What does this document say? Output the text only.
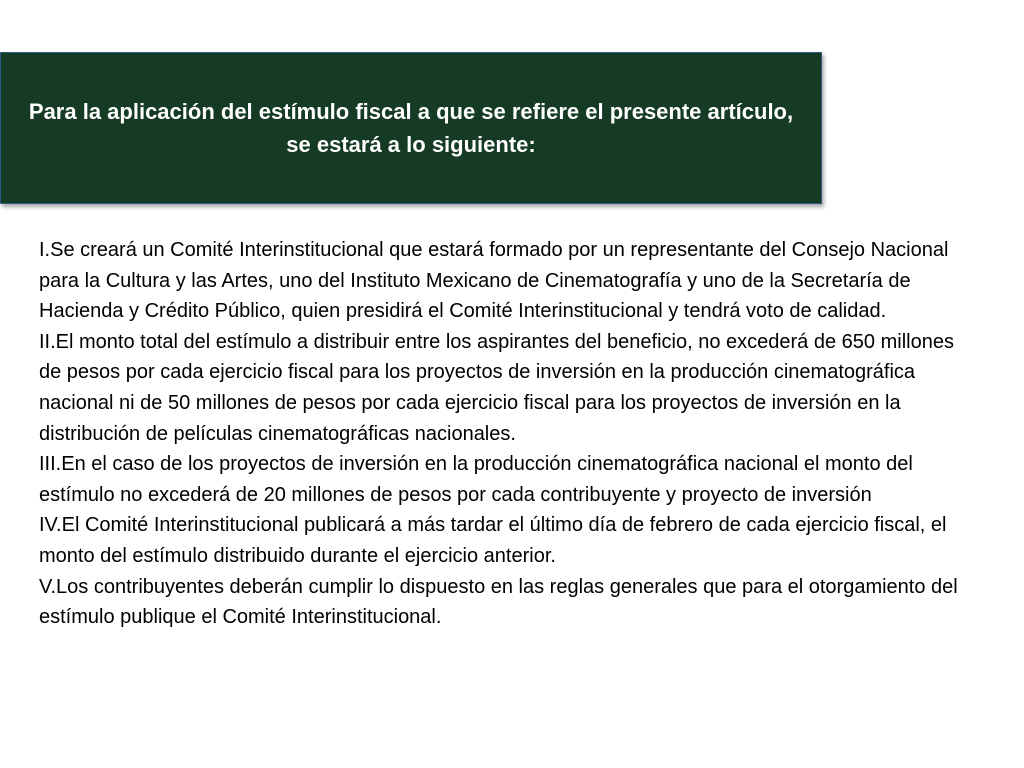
Para la aplicación del estímulo fiscal a que se refiere el presente artículo, se estará a lo siguiente:

I.Se creará un Comité Interinstitucional que estará formado por un representante del Consejo Nacional para la Cultura y las Artes, uno del Instituto Mexicano de Cinematografía y uno de la Secretaría de Hacienda y Crédito Público, quien presidirá el Comité Interinstitucional y tendrá voto de calidad.

II.El monto total del estímulo a distribuir entre los aspirantes del beneficio, no excederá de 650 millones de pesos por cada ejercicio fiscal para los proyectos de inversión en la producción cinematográfica nacional ni de 50 millones de pesos por cada ejercicio fiscal para los proyectos de inversión en la distribución de películas cinematográficas nacionales.

III.En el caso de los proyectos de inversión en la producción cinematográfica nacional el monto del estímulo no excederá de 20 millones de pesos por cada contribuyente y proyecto de inversión

IV.El Comité Interinstitucional publicará a más tardar el último día de febrero de cada ejercicio fiscal, el monto del estímulo distribuido durante el ejercicio anterior.

V.Los contribuyentes deberán cumplir lo dispuesto en las reglas generales que para el otorgamiento del estímulo publique el Comité Interinstitucional.
